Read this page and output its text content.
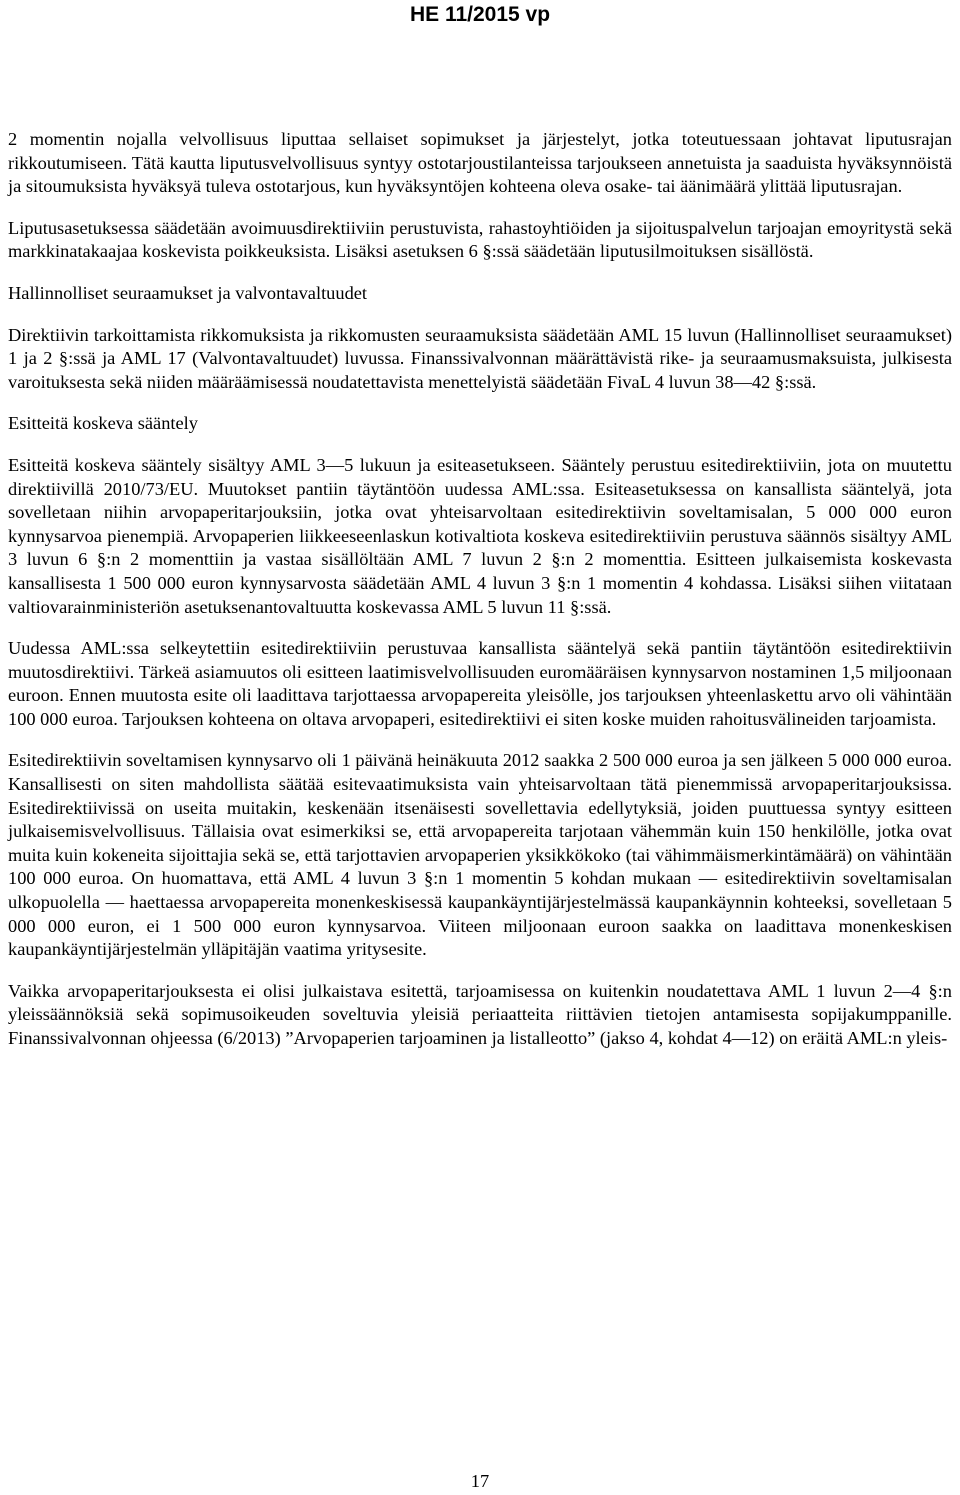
HE 11/2015 vp

2 momentin nojalla velvollisuus liputtaa sellaiset sopimukset ja järjestelyt, jotka toteutuessaan johtavat liputusrajan rikkoutumiseen. Tätä kautta liputusvelvollisuus syntyy ostotarjoustilanteissa tarjoukseen annetuista ja saaduista hyväksynnöistä ja sitoumuksista hyväksyä tuleva ostotarjous, kun hyväksyntöjen kohteena oleva osake- tai äänimäärä ylittää liputusrajan.

Liputusasetuksessa säädetään avoimuusdirektiiviin perustuvista, rahastoyhtiöiden ja sijoituspalvelun tarjoajan emoyritystä sekä markkinatakaajaa koskevista poikkeuksista. Lisäksi asetuksen 6 §:ssä säädetään liputusilmoituksen sisällöstä.

Hallinnolliset seuraamukset ja valvontavaltuudet

Direktiivin tarkoittamista rikkomuksista ja rikkomusten seuraamuksista säädetään AML 15 luvun (Hallinnolliset seuraamukset) 1 ja 2 §:ssä ja AML 17 (Valvontavaltuudet) luvussa. Finanssivalvonnan määrättävistä rike- ja seuraamusmaksuista, julkisesta varoituksesta sekä niiden määräämisessä noudatettavista menettelyistä säädetään FivaL 4 luvun 38—42 §:ssä.

Esitteitä koskeva sääntely

Esitteitä koskeva sääntely sisältyy AML 3—5 lukuun ja esiteasetukseen. Sääntely perustuu esitedirektiiviin, jota on muutettu direktiivillä 2010/73/EU. Muutokset pantiin täytäntöön uudessa AML:ssa. Esiteasetuksessa on kansallista sääntelyä, jota sovelletaan niihin arvopaperitarjouksiin, jotka ovat yhteisarvoltaan esitedirektiivin soveltamisalan, 5 000 000 euron kynnysarvoa pienempiä. Arvopaperien liikkeeseenlaskun kotivaltiota koskeva esitedirektiiviin perustuva säännös sisältyy AML 3 luvun 6 §:n 2 momenttiin ja vastaa sisällöltään AML 7 luvun 2 §:n 2 momenttia. Esitteen julkaisemista koskevasta kansallisesta 1 500 000 euron kynnysarvosta säädetään AML 4 luvun 3 §:n 1 momentin 4 kohdassa. Lisäksi siihen viitataan valtiovarainministeriön asetuksenantovaltuutta koskevassa AML 5 luvun 11 §:ssä.

Uudessa AML:ssa selkeytettiin esitedirektiiviin perustuvaa kansallista sääntelyä sekä pantiin täytäntöön esitedirektiivin muutosdirektiivi. Tärkeä asiamuutos oli esitteen laatimisvelvollisuuden euromääräisen kynnysarvon nostaminen 1,5 miljoonaan euroon. Ennen muutosta esite oli laadittava tarjottaessa arvopapereita yleisölle, jos tarjouksen yhteenlaskettu arvo oli vähintään 100 000 euroa. Tarjouksen kohteena on oltava arvopaperi, esitedirektiivi ei siten koske muiden rahoitusvälineiden tarjoamista.

Esitedirektiivin soveltamisen kynnysarvo oli 1 päivänä heinäkuuta 2012 saakka 2 500 000 euroa ja sen jälkeen 5 000 000 euroa. Kansallisesti on siten mahdollista säätää esitevaatimuksista vain yhteisarvoltaan tätä pienemmissä arvopaperitarjouksissa. Esitedirektiivissä on useita muitakin, keskenään itsenäisesti sovellettavia edellytyksiä, joiden puuttuessa syntyy esitteen julkaisemisvelvollisuus. Tällaisia ovat esimerkiksi se, että arvopapereita tarjotaan vähemmän kuin 150 henkilölle, jotka ovat muita kuin kokeneita sijoittajia sekä se, että tarjottavien arvopaperien yksikkökoko (tai vähimmäismerkintämäärä) on vähintään 100 000 euroa. On huomattava, että AML 4 luvun 3 §:n 1 momentin 5 kohdan mukaan — esitedirektiivin soveltamisalan ulkopuolella — haettaessa arvopapereita monenkeskisessä kaupankäyntijärjestelmässä kaupankäynnin kohteeksi, sovelletaan 5 000 000 euron, ei 1 500 000 euron kynnysarvoa. Viiteen miljoonaan euroon saakka on laadittava monenkeskisen kaupankäyntijärjestelmän ylläpitäjän vaatima yritysesite.

Vaikka arvopaperitarjouksesta ei olisi julkaistava esitettä, tarjoamisessa on kuitenkin noudatettava AML 1 luvun 2—4 §:n yleissäännöksiä sekä sopimusoikeuden soveltuvia yleisiä periaatteita riittävien tietojen antamisesta sopijakumppanille. Finanssivalvonnan ohjeessa (6/2013) ”Arvopaperien tarjoaminen ja listalleotto” (jakso 4, kohdat 4—12) on eräitä AML:n yleis-

17
